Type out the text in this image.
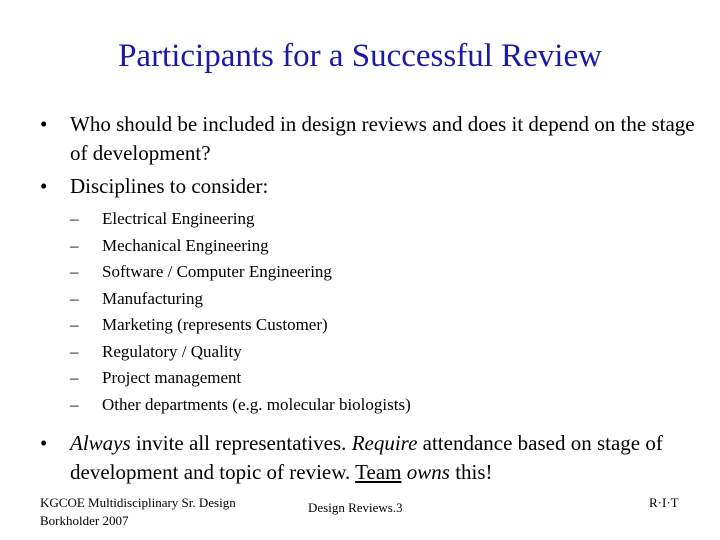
Participants for a Successful Review
• Who should be included in design reviews and does it depend on the stage of development?
• Disciplines to consider:
– Electrical Engineering
– Mechanical Engineering
– Software / Computer Engineering
– Manufacturing
– Marketing (represents Customer)
– Regulatory / Quality
– Project management
– Other departments (e.g. molecular biologists)
• Always invite all representatives. Require attendance based on stage of development and topic of review. Team owns this!
KGCOE Multidisciplinary Sr. Design
Borkholder 2007
Design Reviews.3	R·I·T
